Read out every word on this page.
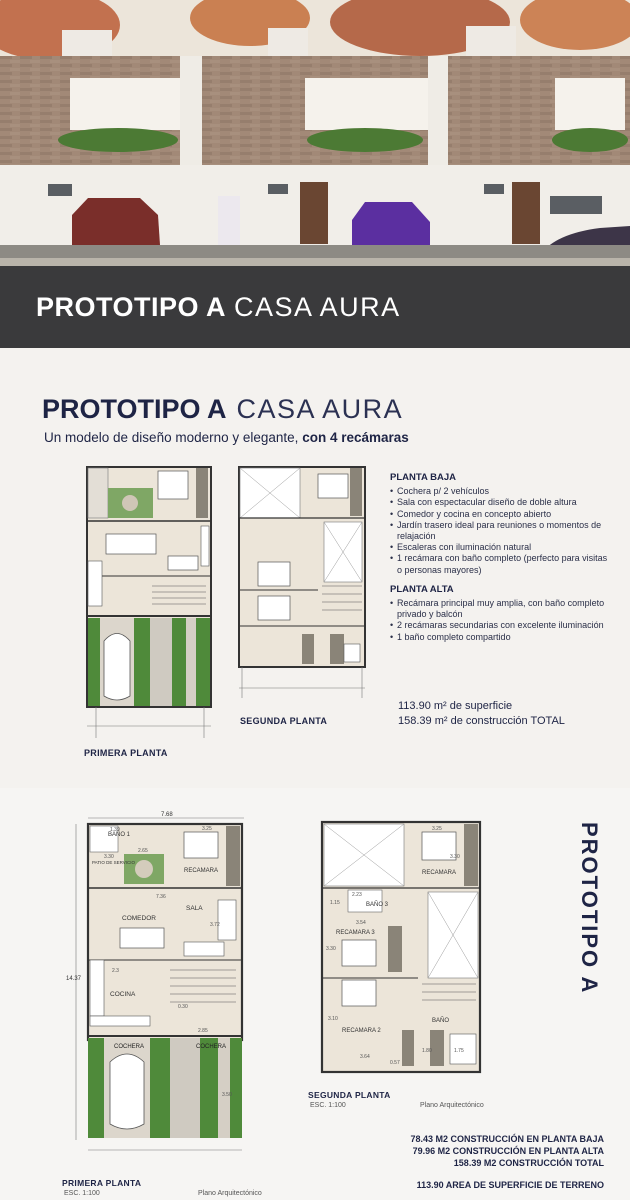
PROTOTIPO A CASA AURA
PROTOTIPO A CASA AURA
Un modelo de diseño moderno y elegante, con 4 recámaras
PRIMERA PLANTA
SEGUNDA PLANTA
PLANTA BAJA
• Cochera p/ 2 vehículos
• Sala con espectacular diseño de doble altura
• Comedor y cocina en concepto abierto
• Jardín trasero ideal para reuniones o momentos de relajación
• Escaleras con iluminación natural
• 1 recámara con baño completo (perfecto para visitas o personas mayores)
PLANTA ALTA
• Recámara principal muy amplia, con baño completo privado y balcón
• 2 recámaras secundarias con excelente iluminación
• 1 baño completo compartido
113.90 m² de superficie
158.39 m² de construcción TOTAL
7.68
14.37
BAÑO 1
1.39
PATIO DE SERVICIO
3.30
2.65
3.25
RECAMARA
7.36
COMEDOR
SALA
3.72
2.3
COCINA
0.30
2.85
COCHERA	COCHERA
3.50
PRIMERA PLANTA
ESC. 1:100	Plano Arquitectónico
3.25
3.30
RECAMARA
BAÑO 3
2.23
1.15
3.54
RECAMARA 3
3.30
3.10
RECAMARA 2
BAÑO
1.80	1.75
3.64
0.57
SEGUNDA PLANTA
ESC. 1:100	Plano Arquitectónico
PROTOTIPO A
78.43 M2 CONSTRUCCIÓN EN PLANTA BAJA
79.96 M2 CONSTRUCCIÓN EN PLANTA ALTA
158.39 M2 CONSTRUCCIÓN TOTAL
113.90 AREA DE SUPERFICIE DE TERRENO
